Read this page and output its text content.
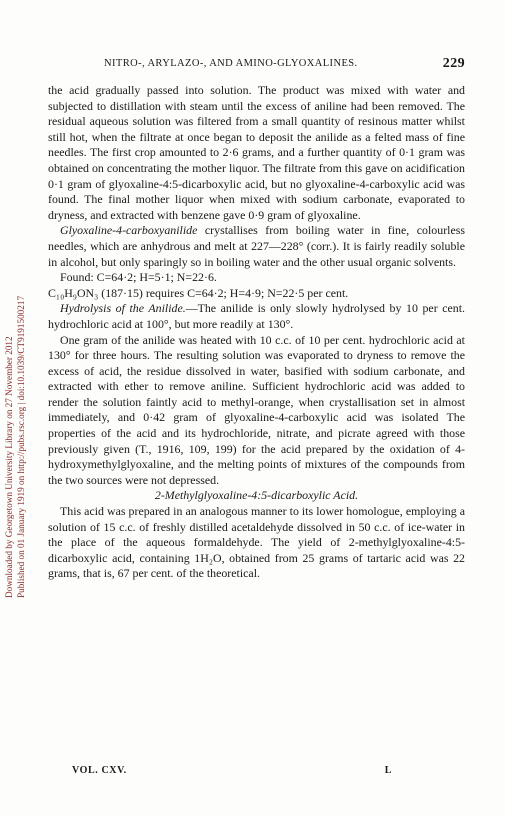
Downloaded by Georgetown University Library on 27 November 2012 Published on 01 January 1919 on http://pubs.rsc.org | doi:10.1039/CT9191500217
NITRO-, ARYLAZO-, AND AMINO-GLYOXALINES.	229

the acid gradually passed into solution. The product was mixed with water and subjected to distillation with steam until the excess of aniline had been removed. The residual aqueous solution was filtered from a small quantity of resinous matter whilst still hot, when the filtrate at once began to deposit the anilide as a felted mass of fine needles. The first crop amounted to 2·6 grams, and a further quantity of 0·1 gram was obtained on concentrating the mother liquor. The filtrate from this gave on acidification 0·1 gram of glyoxaline-4:5-dicarboxylic acid, but no glyoxaline-4-carboxylic acid was found. The final mother liquor when mixed with sodium carbonate, evaporated to dryness, and extracted with benzene gave 0·9 gram of glyoxaline.

Glyoxaline-4-carboxyanilide crystallises from boiling water in fine, colourless needles, which are anhydrous and melt at 227—228° (corr.). It is fairly readily soluble in alcohol, but only sparingly so in boiling water and the other usual organic solvents.

Found: C=64·2; H=5·1; N=22·6.

C₁₀H₉ON₃ (187·15) requires C=64·2; H=4·9; N=22·5 per cent.

Hydrolysis of the Anilide.—The anilide is only slowly hydrolysed by 10 per cent. hydrochloric acid at 100°, but more readily at 130°.

One gram of the anilide was heated with 10 c.c. of 10 per cent. hydrochloric acid at 130° for three hours. The resulting solution was evaporated to dryness to remove the excess of acid, the residue dissolved in water, basified with sodium carbonate, and extracted with ether to remove aniline. Sufficient hydrochloric acid was added to render the solution faintly acid to methyl-orange, when crystallisation set in almost immediately, and 0·42 gram of glyoxaline-4-carboxylic acid was isolated The properties of the acid and its hydrochloride, nitrate, and picrate agreed with those previously given (T., 1916, 109, 199) for the acid prepared by the oxidation of 4-hydroxymethylglyoxaline, and the melting points of mixtures of the compounds from the two sources were not depressed.

2-Methylglyoxaline-4:5-dicarboxylic Acid.

This acid was prepared in an analogous manner to its lower homologue, employing a solution of 15 c.c. of freshly distilled acetaldehyde dissolved in 50 c.c. of ice-water in the place of the aqueous formaldehyde. The yield of 2-methylglyoxaline-4:5-dicarboxylic acid, containing 1H₂O, obtained from 25 grams of tartaric acid was 22 grams, that is, 67 per cent. of the theoretical.

VOL. CXV.	L
